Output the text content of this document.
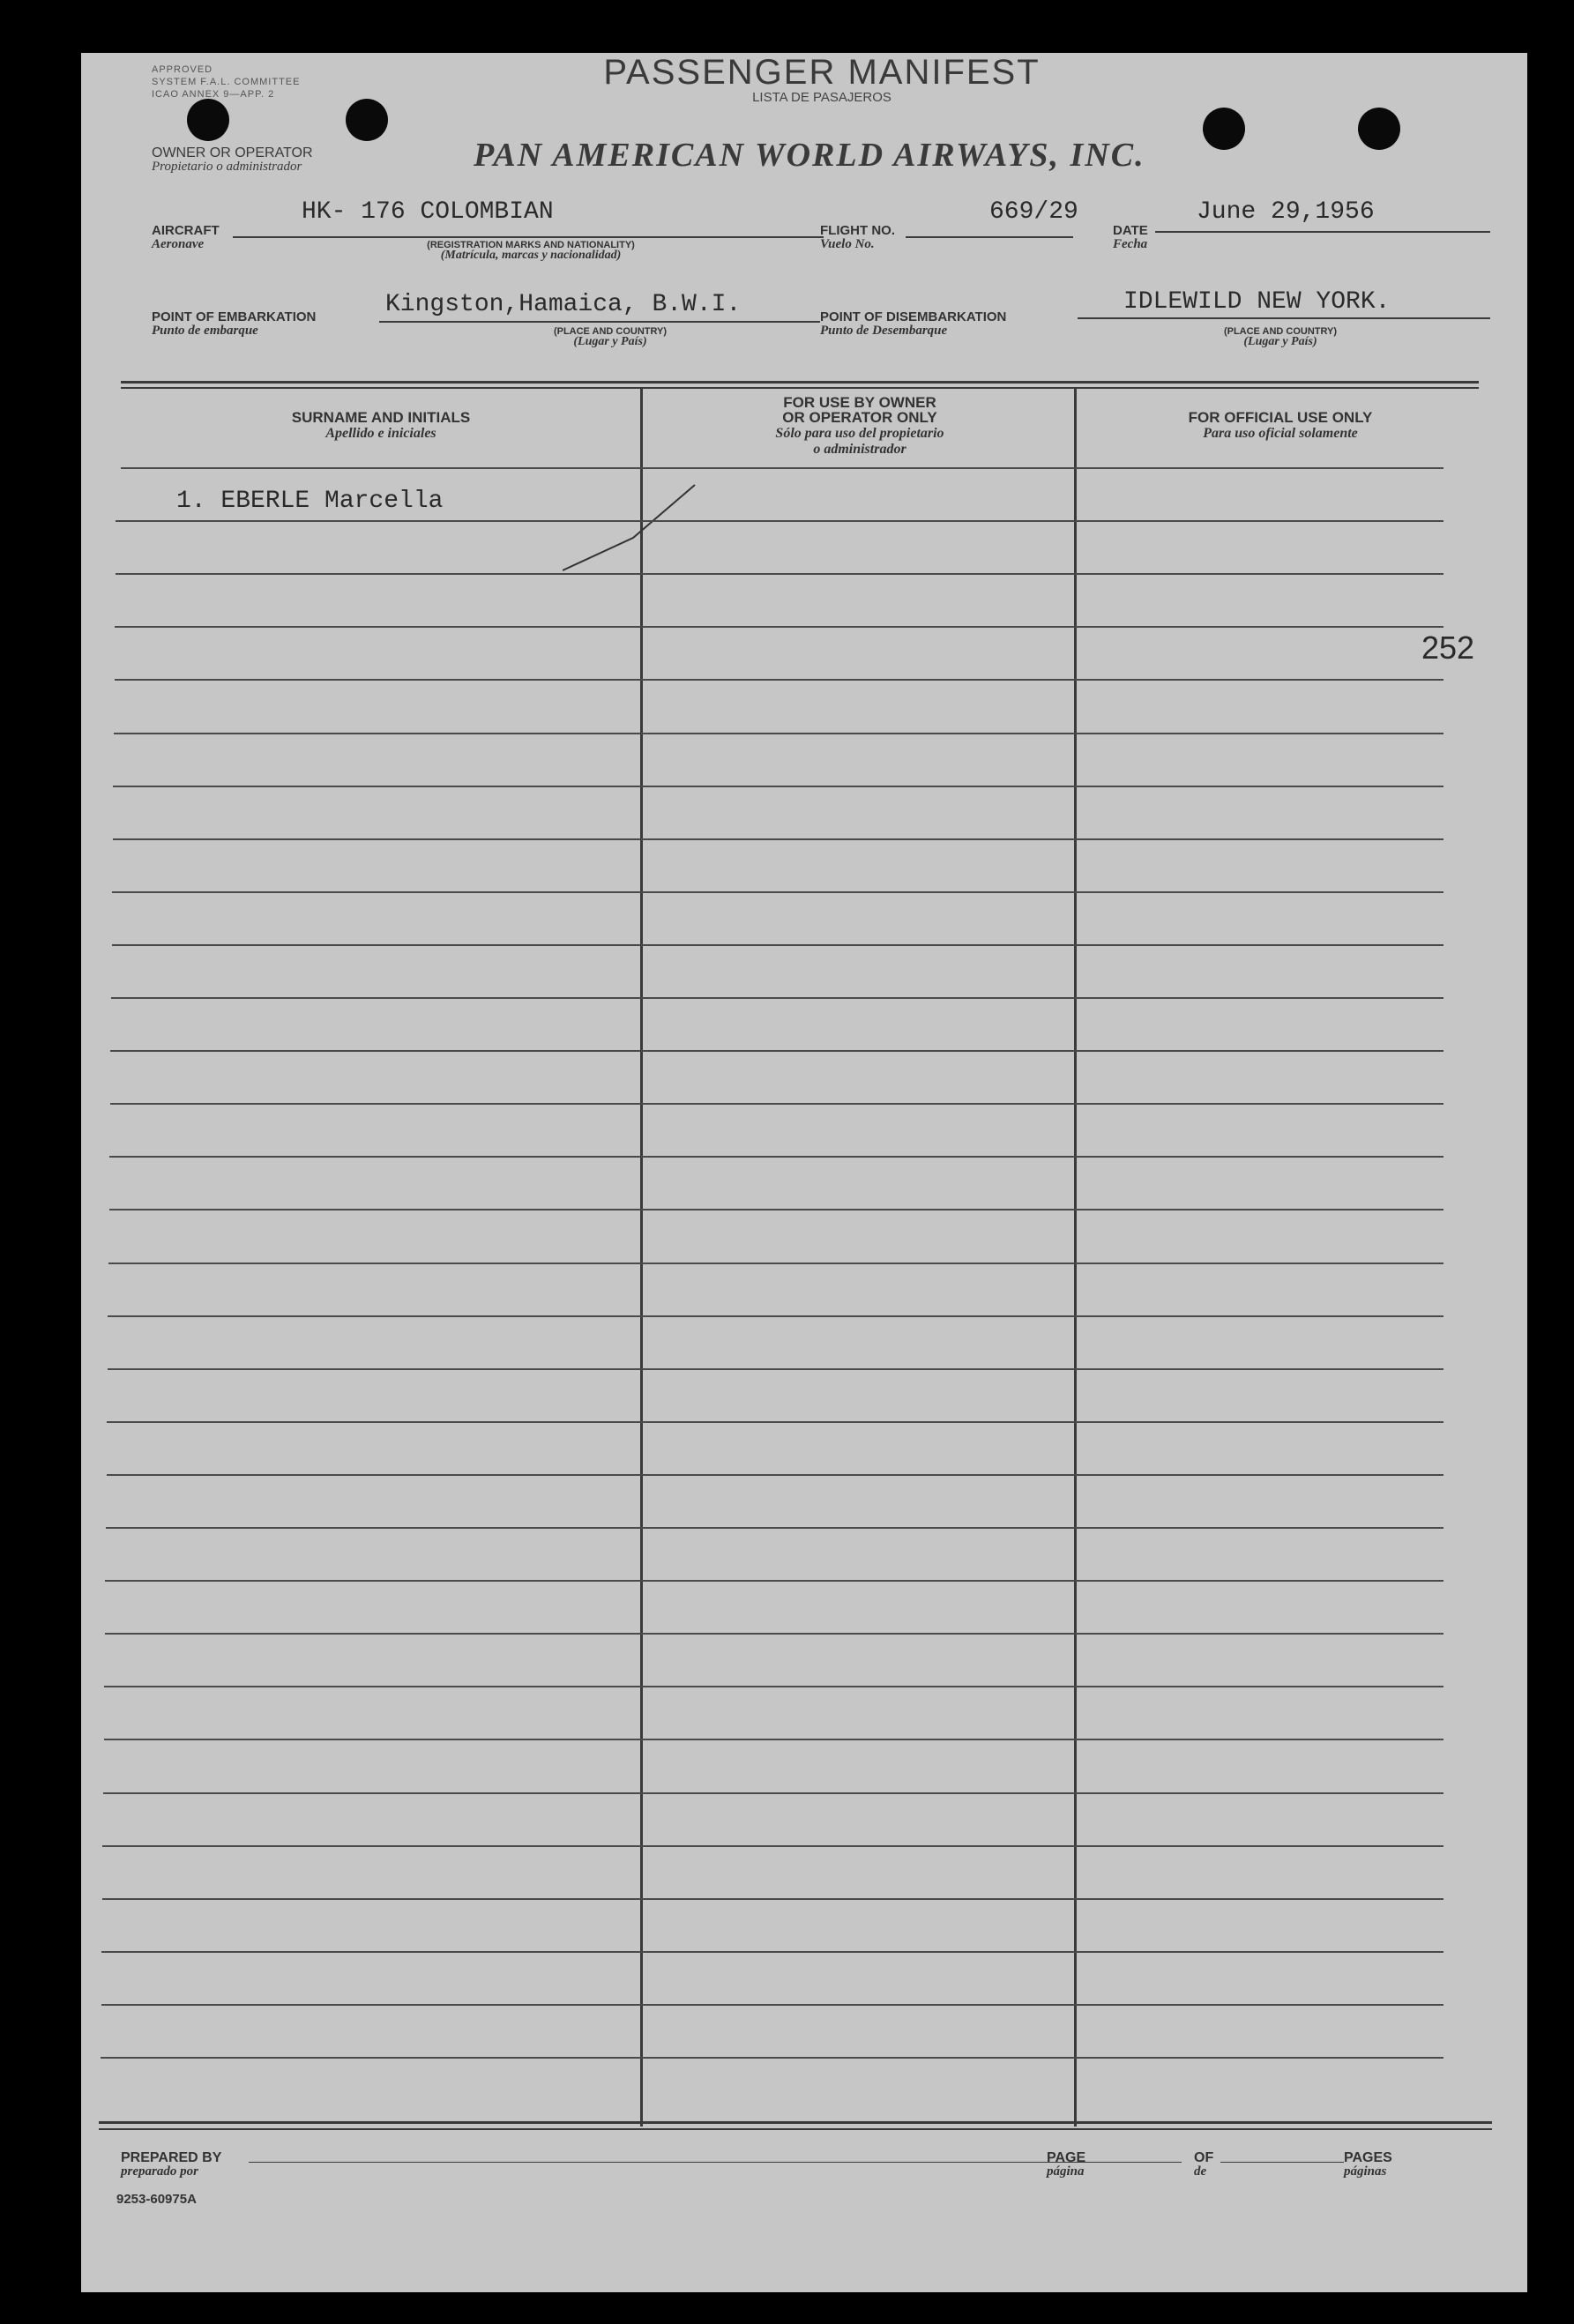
APPROVED
SYSTEM F.A.L. COMMITTEE
ICAO ANNEX 9—APP. 2
PASSENGER MANIFEST
LISTA DE PASAJEROS
OWNER OR OPERATOR
Propietario o administrador	PAN AMERICAN WORLD AIRWAYS, INC.
AIRCRAFT
Aeronave
HK- 176 COLOMBIAN
(REGISTRATION MARKS AND NATIONALITY)
(Matrícula, marcas y nacionalidad)
FLIGHT NO.
Vuelo No.
669/29
DATE
Fecha
June 29,1956
POINT OF EMBARKATION
Punto de embarque
Kingston,Hamaica, B.W.I.
(PLACE AND COUNTRY)
(Lugar y País)
POINT OF DISEMBARKATION
Punto de Desembarque
IDLEWILD NEW YORK.
(PLACE AND COUNTRY)
(Lugar y País)
SURNAME AND INITIALS
Apellido e iniciales
FOR USE BY OWNER
OR OPERATOR ONLY
Sólo para uso del propietario
o administrador
FOR OFFICIAL USE ONLY
Para uso oficial solamente
1. EBERLE Marcella
252
PREPARED BY
preparado por
PAGE
página
OF
de
PAGES
páginas
9253-60975A
